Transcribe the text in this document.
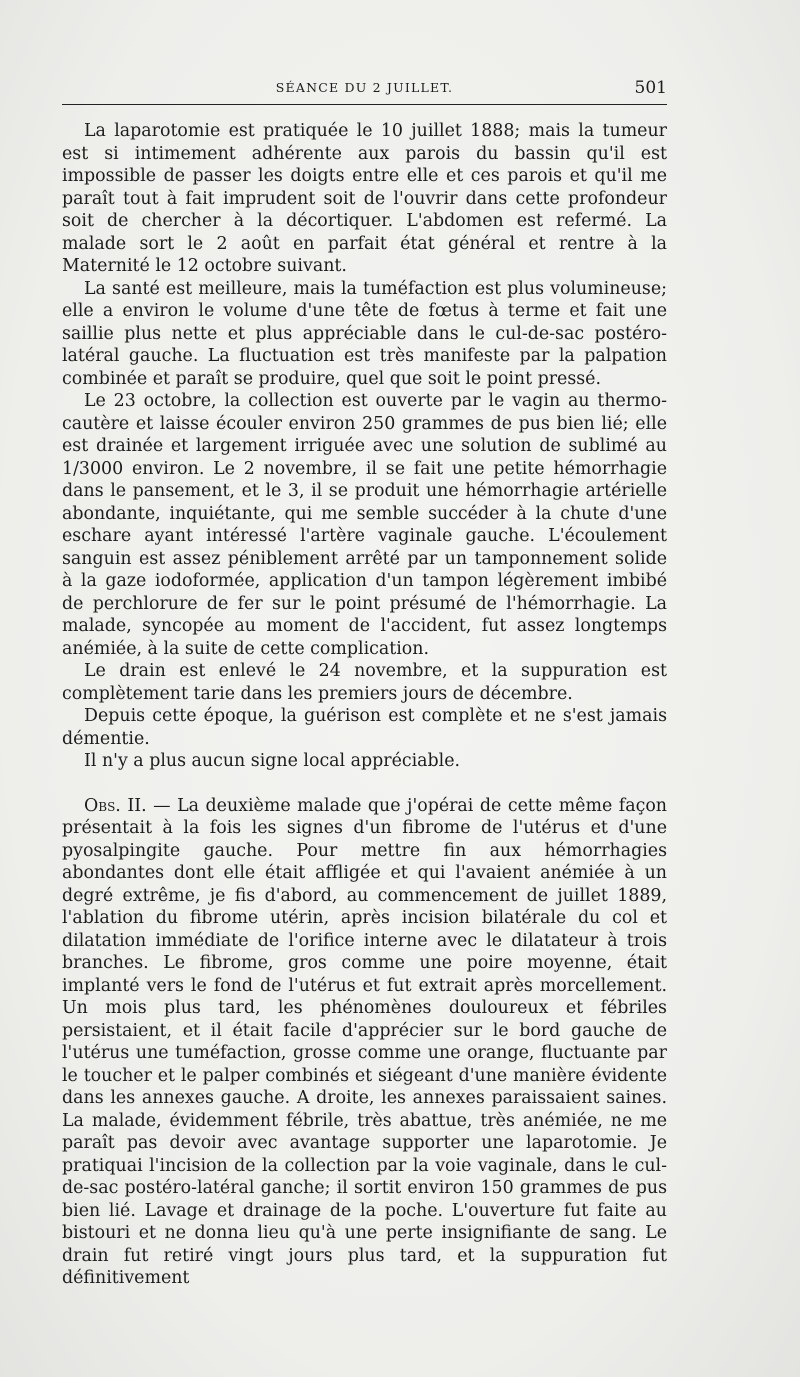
SÉANCE DU 2 JUILLET.	501

La laparotomie est pratiquée le 10 juillet 1888; mais la tumeur est si intimement adhérente aux parois du bassin qu'il est impossible de passer les doigts entre elle et ces parois et qu'il me paraît tout à fait imprudent soit de l'ouvrir dans cette profondeur soit de chercher à la décortiquer. L'abdomen est refermé. La malade sort le 2 août en parfait état général et rentre à la Maternité le 12 octobre suivant.

La santé est meilleure, mais la tuméfaction est plus volumineuse; elle a environ le volume d'une tête de fœtus à terme et fait une saillie plus nette et plus appréciable dans le cul-de-sac postéro-latéral gauche. La fluctuation est très manifeste par la palpation combinée et paraît se produire, quel que soit le point pressé.

Le 23 octobre, la collection est ouverte par le vagin au thermo-cautère et laisse écouler environ 250 grammes de pus bien lié; elle est drainée et largement irriguée avec une solution de sublimé au 1/3000 environ. Le 2 novembre, il se fait une petite hémorrhagie dans le pansement, et le 3, il se produit une hémorrhagie artérielle abondante, inquiétante, qui me semble succéder à la chute d'une eschare ayant intéressé l'artère vaginale gauche. L'écoulement sanguin est assez péniblement arrêté par un tamponnement solide à la gaze iodoformée, application d'un tampon légèrement imbibé de perchlorure de fer sur le point présumé de l'hémorrhagie. La malade, syncopée au moment de l'accident, fut assez longtemps anémiée, à la suite de cette complication.

Le drain est enlevé le 24 novembre, et la suppuration est complètement tarie dans les premiers jours de décembre.

Depuis cette époque, la guérison est complète et ne s'est jamais démentie.

Il n'y a plus aucun signe local appréciable.

Obs. II. — La deuxième malade que j'opérai de cette même façon présentait à la fois les signes d'un fibrome de l'utérus et d'une pyosalpingite gauche. Pour mettre fin aux hémorrhagies abondantes dont elle était affligée et qui l'avaient anémiée à un degré extrême, je fis d'abord, au commencement de juillet 1889, l'ablation du fibrome utérin, après incision bilatérale du col et dilatation immédiate de l'orifice interne avec le dilatateur à trois branches. Le fibrome, gros comme une poire moyenne, était implanté vers le fond de l'utérus et fut extrait après morcellement. Un mois plus tard, les phénomènes douloureux et fébriles persistaient, et il était facile d'apprécier sur le bord gauche de l'utérus une tuméfaction, grosse comme une orange, fluctuante par le toucher et le palper combinés et siégeant d'une manière évidente dans les annexes gauche. A droite, les annexes paraissaient saines. La malade, évidemment fébrile, très abattue, très anémiée, ne me paraît pas devoir avec avantage supporter une laparotomie. Je pratiquai l'incision de la collection par la voie vaginale, dans le cul-de-sac postéro-latéral ganche; il sortit environ 150 grammes de pus bien lié. Lavage et drainage de la poche. L'ouverture fut faite au bistouri et ne donna lieu qu'à une perte insignifiante de sang. Le drain fut retiré vingt jours plus tard, et la suppuration fut définitivement
